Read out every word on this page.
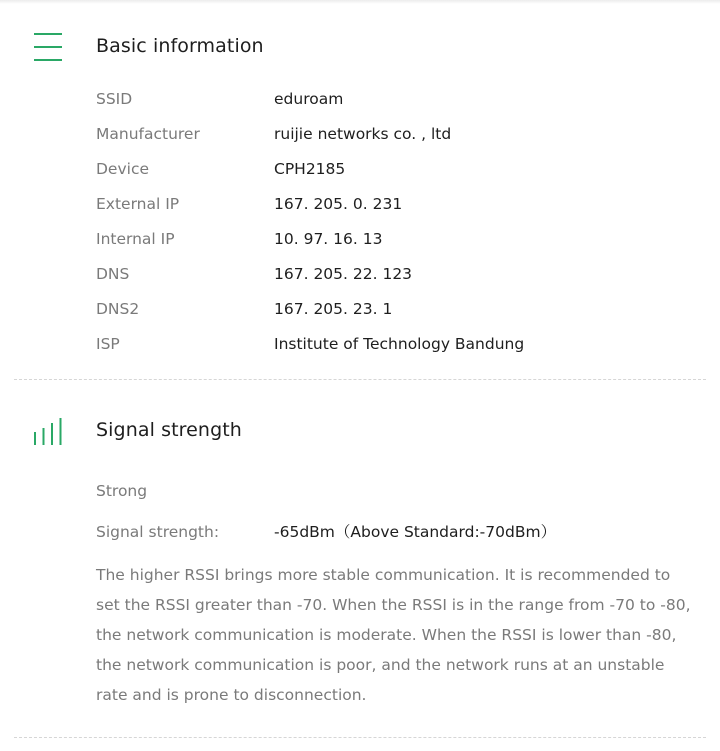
Basic information
SSID	eduroam
Manufacturer	ruijie networks co. , ltd
Device	CPH2185
External IP	167. 205. 0. 231
Internal IP	10. 97. 16. 13
DNS	167. 205. 22. 123
DNS2	167. 205. 23. 1
ISP	Institute of Technology Bandung
Signal strength
Strong
Signal strength:	-65dBm（Above Standard:-70dBm）

The higher RSSI brings more stable communication. It is recommended to set the RSSI greater than -70. When the RSSI is in the range from -70 to -80, the network communication is moderate. When the RSSI is lower than -80, the network communication is poor, and the network runs at an unstable rate and is prone to disconnection.
